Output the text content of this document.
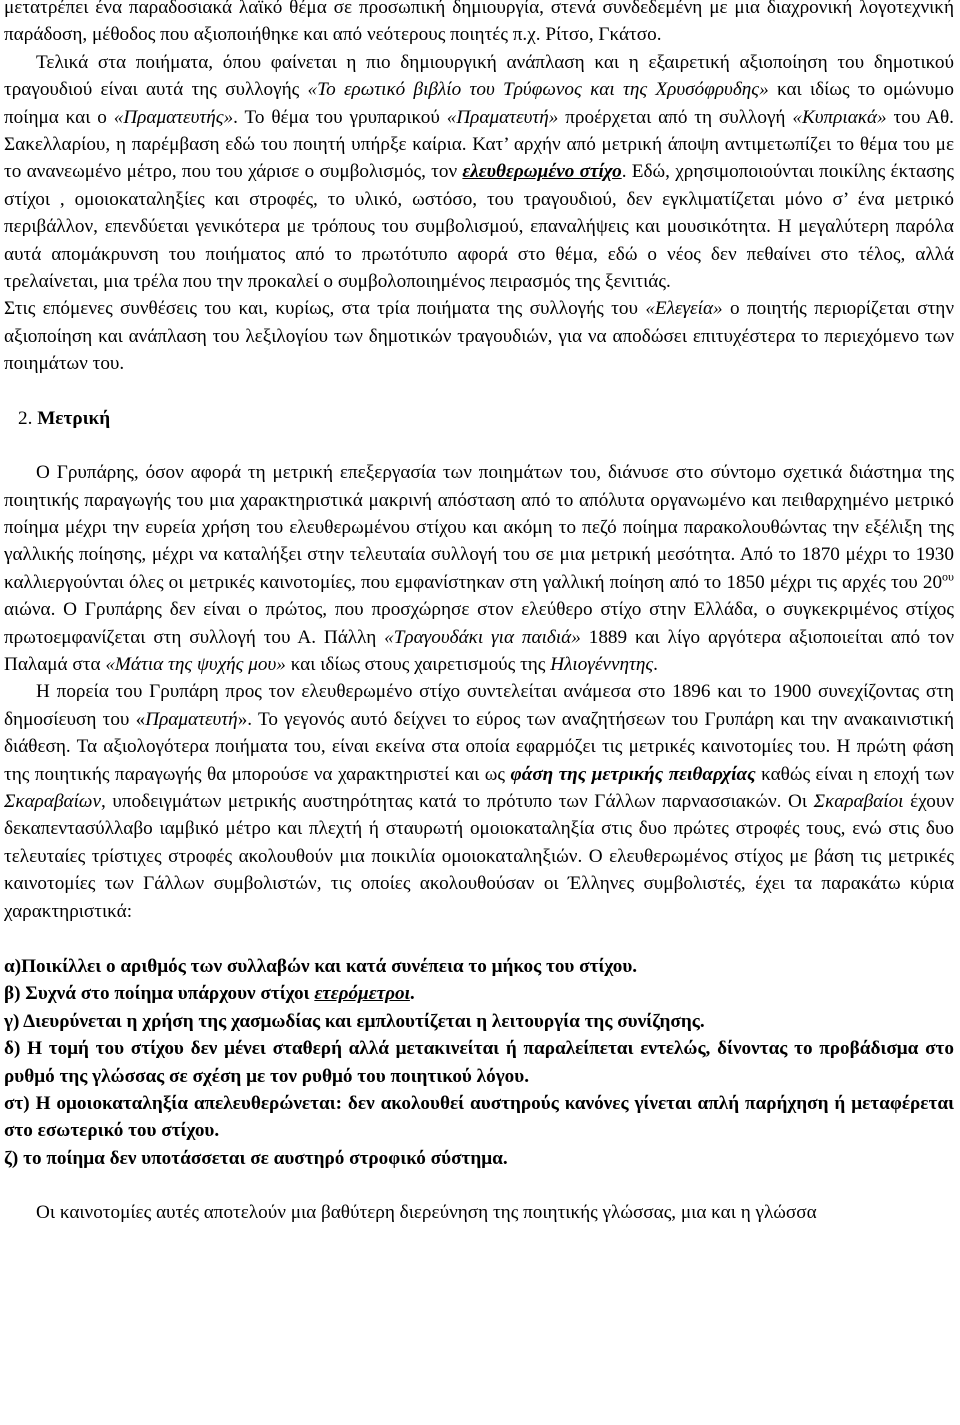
μετατρέπει ένα παραδοσιακά λαϊκό θέμα σε προσωπική δημιουργία, στενά συνδεδεμένη με μια διαχρονική λογοτεχνική παράδοση, μέθοδος που αξιοποιήθηκε και από νεότερους ποιητές π.χ. Ρίτσο, Γκάτσο.

Τελικά στα ποιήματα, όπου φαίνεται η πιο δημιουργική ανάπλαση και η εξαιρετική αξιοποίηση του δημοτικού τραγουδιού είναι αυτά της συλλογής «Το ερωτικό βιβλίο του Τρύφωνος και της Χρυσόφρυδης» και ιδίως το ομώνυμο ποίημα και ο «Πραματευτής». Το θέμα του γρυπαρικού «Πραματευτή» προέρχεται από τη συλλογή «Κυπριακά» του Αθ. Σακελλαρίου, η παρέμβαση εδώ του ποιητή υπήρξε καίρια. Κατ’ αρχήν από μετρική άποψη αντιμετωπίζει το θέμα του με το ανανεωμένο μέτρο, που του χάρισε ο συμβολισμός, τον ελευθερωμένο στίχο. Εδώ, χρησιμοποιούνται ποικίλης έκτασης στίχοι , ομοιοκαταληξίες και στροφές, το υλικό, ωστόσο, του τραγουδιού, δεν εγκλιματίζεται μόνο σ’ ένα μετρικό περιβάλλον, επενδύεται γενικότερα με τρόπους του συμβολισμού, επαναλήψεις και μουσικότητα. Η μεγαλύτερη παρόλα αυτά απομάκρυνση του ποιήματος από το πρωτότυπο αφορά στο θέμα, εδώ ο νέος δεν πεθαίνει στο τέλος, αλλά τρελαίνεται, μια τρέλα που την προκαλεί ο συμβολοποιημένος πειρασμός της ξενιτιάς.

Στις επόμενες συνθέσεις του και, κυρίως, στα τρία ποιήματα της συλλογής του «Ελεγεία» ο ποιητής περιορίζεται στην αξιοποίηση και ανάπλαση του λεξιλογίου των δημοτικών τραγουδιών, για να αποδώσει επιτυχέστερα το περιεχόμενο των ποιημάτων του.

2. Μετρική

Ο Γρυπάρης, όσον αφορά τη μετρική επεξεργασία των ποιημάτων του, διάνυσε στο σύντομο σχετικά διάστημα της ποιητικής παραγωγής του μια χαρακτηριστικά μακρινή απόσταση από το απόλυτα οργανωμένο και πειθαρχημένο μετρικό ποίημα μέχρι την ευρεία χρήση του ελευθερωμένου στίχου και ακόμη το πεζό ποίημα παρακολουθώντας την εξέλιξη της γαλλικής ποίησης, μέχρι να καταλήξει στην τελευταία συλλογή του σε μια μετρική μεσότητα. Από το 1870 μέχρι το 1930 καλλιεργούνται όλες οι μετρικές καινοτομίες, που εμφανίστηκαν στη γαλλική ποίηση από το 1850 μέχρι τις αρχές του $20^{o\upsilon}$ αιώνα. Ο Γρυπάρης δεν είναι ο πρώτος, που προσχώρησε στον ελεύθερο στίχο στην Ελλάδα, ο συγκεκριμένος στίχος πρωτοεμφανίζεται στη συλλογή του Α. Πάλλη «Τραγουδάκι για παιδιά» 1889 και λίγο αργότερα αξιοποιείται από τον Παλαμά στα «Μάτια της ψυχής μου» και ιδίως στους χαιρετισμούς της Ηλιογέννητης.

Η πορεία του Γρυπάρη προς τον ελευθερωμένο στίχο συντελείται ανάμεσα στο 1896 και το 1900 συνεχίζοντας στη δημοσίευση του «Πραματευτή». Το γεγονός αυτό δείχνει το εύρος των αναζητήσεων του Γρυπάρη και την ανακαινιστική διάθεση. Τα αξιολογότερα ποιήματα του, είναι εκείνα στα οποία εφαρμόζει τις μετρικές καινοτομίες του. Η πρώτη φάση της ποιητικής παραγωγής θα μπορούσε να χαρακτηριστεί και ως φάση της μετρικής πειθαρχίας καθώς είναι η εποχή των Σκαραβαίων, υποδειγμάτων μετρικής αυστηρότητας κατά το πρότυπο των Γάλλων παρνασσιακών. Οι Σκαραβαίοι έχουν δεκαπεντασύλλαβο ιαμβικό μέτρο και πλεχτή ή σταυρωτή ομοιοκαταληξία στις δυο πρώτες στροφές τους, ενώ στις δυο τελευταίες τρίστιχες στροφές ακολουθούν μια ποικιλία ομοιοκαταληξιών. Ο ελευθερωμένος στίχος με βάση τις μετρικές καινοτομίες των Γάλλων συμβολιστών, τις οποίες ακολουθούσαν οι Έλληνες συμβολιστές, έχει τα παρακάτω κύρια χαρακτηριστικά:

α)Ποικίλλει ο αριθμός των συλλαβών και κατά συνέπεια το μήκος του στίχου.

β) Συχνά στο ποίημα υπάρχουν στίχοι ετερόμετροι.

γ) Διευρύνεται η χρήση της χασμωδίας και εμπλουτίζεται η λειτουργία της συνίζησης.

δ) Η τομή του στίχου δεν μένει σταθερή αλλά μετακινείται ή παραλείπεται εντελώς, δίνοντας το προβάδισμα στο ρυθμό της γλώσσας σε σχέση με τον ρυθμό του ποιητικού λόγου.

στ) Η ομοιοκαταληξία απελευθερώνεται: δεν ακολουθεί αυστηρούς κανόνες γίνεται απλή παρήχηση ή μεταφέρεται στο εσωτερικό του στίχου.

ζ) το ποίημα δεν υποτάσσεται σε αυστηρό στροφικό σύστημα.

Οι καινοτομίες αυτές αποτελούν μια βαθύτερη διερεύνηση της ποιητικής γλώσσας, μια και η γλώσσα
